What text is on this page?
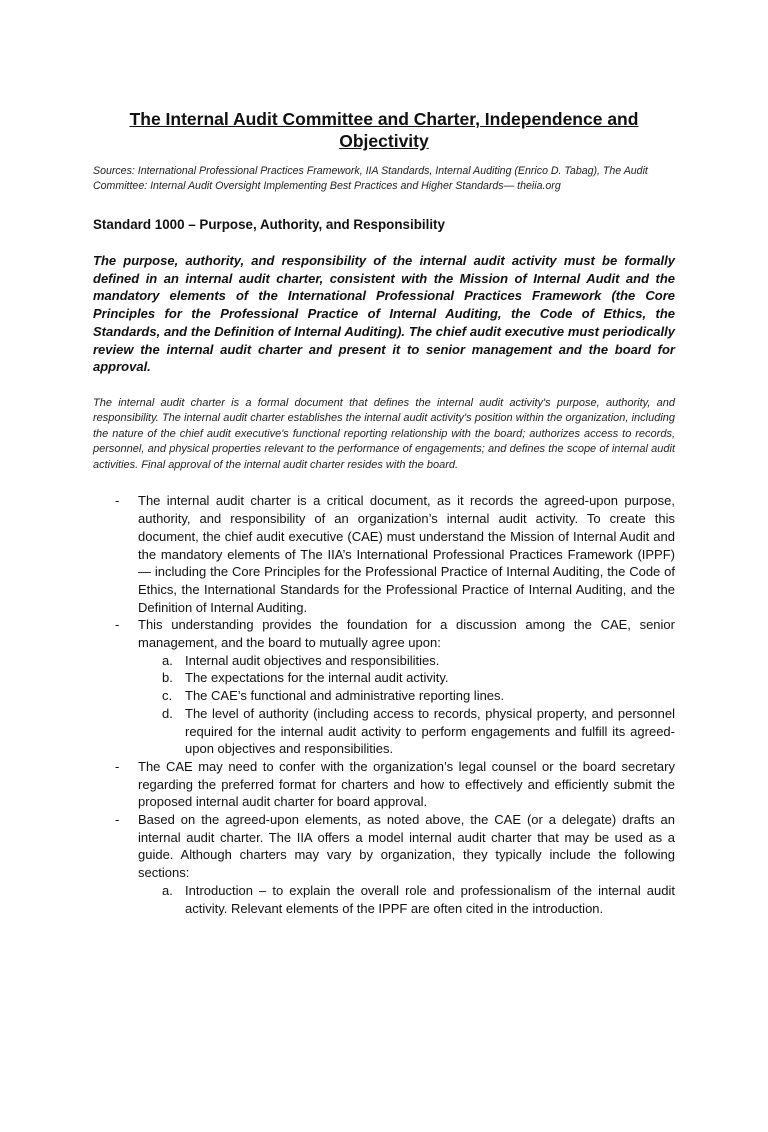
The Internal Audit Committee and Charter, Independence and Objectivity

Sources: International Professional Practices Framework, IIA Standards, Internal Auditing (Enrico D. Tabag), The Audit Committee: Internal Audit Oversight Implementing Best Practices and Higher Standards— theiia.org

Standard 1000 – Purpose, Authority, and Responsibility

The purpose, authority, and responsibility of the internal audit activity must be formally defined in an internal audit charter, consistent with the Mission of Internal Audit and the mandatory elements of the International Professional Practices Framework (the Core Principles for the Professional Practice of Internal Auditing, the Code of Ethics, the Standards, and the Definition of Internal Auditing). The chief audit executive must periodically review the internal audit charter and present it to senior management and the board for approval.

The internal audit charter is a formal document that defines the internal audit activity's purpose, authority, and responsibility. The internal audit charter establishes the internal audit activity's position within the organization, including the nature of the chief audit executive's functional reporting relationship with the board; authorizes access to records, personnel, and physical properties relevant to the performance of engagements; and defines the scope of internal audit activities. Final approval of the internal audit charter resides with the board.

- The internal audit charter is a critical document, as it records the agreed-upon purpose, authority, and responsibility of an organization’s internal audit activity. To create this document, the chief audit executive (CAE) must understand the Mission of Internal Audit and the mandatory elements of The IIA’s International Professional Practices Framework (IPPF) — including the Core Principles for the Professional Practice of Internal Auditing, the Code of Ethics, the International Standards for the Professional Practice of Internal Auditing, and the Definition of Internal Auditing.
- This understanding provides the foundation for a discussion among the CAE, senior management, and the board to mutually agree upon:
a. Internal audit objectives and responsibilities.
b. The expectations for the internal audit activity.
c. The CAE’s functional and administrative reporting lines.
d. The level of authority (including access to records, physical property, and personnel required for the internal audit activity to perform engagements and fulfill its agreed- upon objectives and responsibilities.
- The CAE may need to confer with the organization’s legal counsel or the board secretary regarding the preferred format for charters and how to effectively and efficiently submit the proposed internal audit charter for board approval.
- Based on the agreed-upon elements, as noted above, the CAE (or a delegate) drafts an internal audit charter. The IIA offers a model internal audit charter that may be used as a guide. Although charters may vary by organization, they typically include the following sections:
a. Introduction – to explain the overall role and professionalism of the internal audit activity. Relevant elements of the IPPF are often cited in the introduction.
